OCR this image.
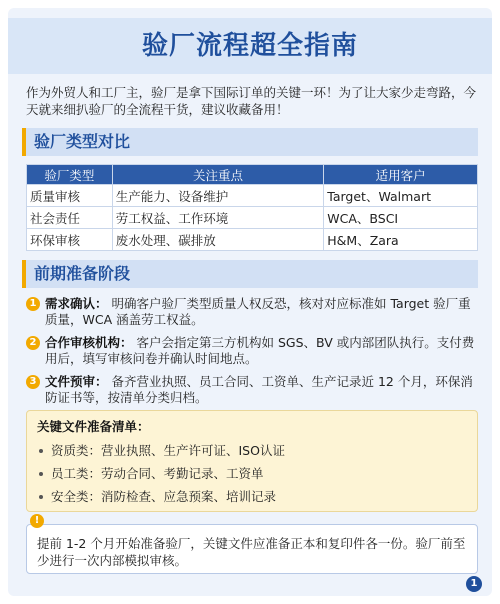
验厂流程超全指南

作为外贸人和工厂主，验厂是拿下国际订单的关键一环！为了让大家少走弯路，今天就来细扒验厂的全流程干货，建议收藏备用！

验厂类型对比
验厂类型	关注重点	适用客户
质量审核	生产能力、设备维护	Target、Walmart
社会责任	劳工权益、工作环境	WCA、BSCI
环保审核	废水处理、碳排放	H&M、Zara
前期准备阶段
1 需求确认： 明确客户验厂类型质量人权反恐，核对对应标准如 Target 验厂重质量，WCA 涵盖劳工权益。
2 合作审核机构： 客户会指定第三方机构如 SGS、BV 或内部团队执行。支付费用后，填写审核问卷并确认时间地点。
3 文件预审： 备齐营业执照、员工合同、工资单、生产记录近 12 个月，环保消防证书等，按清单分类归档。
关键文件准备清单：
资质类：营业执照、生产许可证、ISO认证
员工类：劳动合同、考勤记录、工资单
安全类：消防检查、应急预案、培训记录
提前 1-2 个月开始准备验厂，关键文件应准备正本和复印件各一份。验厂前至少进行一次内部模拟审核。
!
1
